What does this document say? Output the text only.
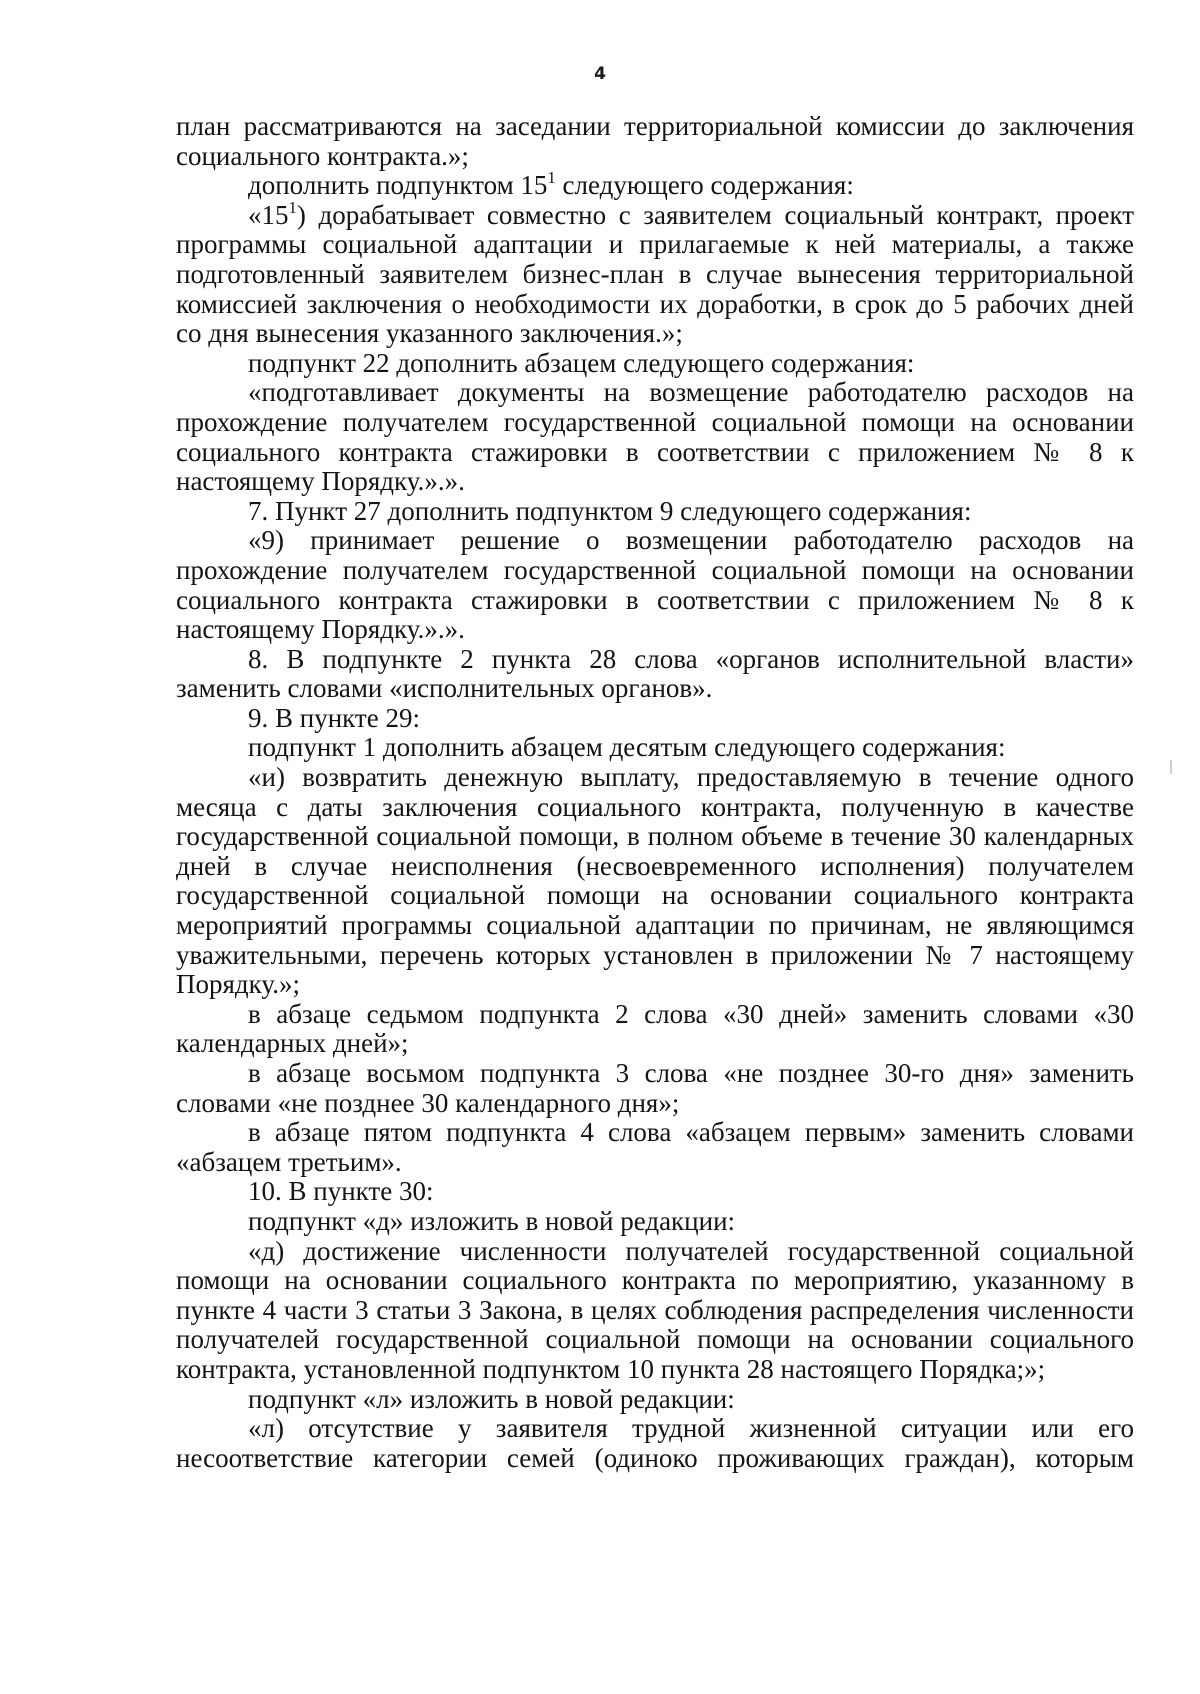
4

план рассматриваются на заседании территориальной комиссии до заключения социального контракта.»;

дополнить подпунктом $15^1$ следующего содержания:

«$15^1$) дорабатывает совместно с заявителем социальный контракт, проект программы социальной адаптации и прилагаемые к ней материалы, а также подготовленный заявителем бизнес-план в случае вынесения территориальной комиссией заключения о необходимости их доработки, в срок до 5 рабочих дней со дня вынесения указанного заключения.»;

подпункт 22 дополнить абзацем следующего содержания:

«подготавливает документы на возмещение работодателю расходов на прохождение получателем государственной социальной помощи на основании социального контракта стажировки в соответствии с приложением № 8 к настоящему Порядку.».».

7. Пункт 27 дополнить подпунктом 9 следующего содержания:

«9) принимает решение о возмещении работодателю расходов на прохождение получателем государственной социальной помощи на основании социального контракта стажировки в соответствии с приложением № 8 к настоящему Порядку.».».

8. В подпункте 2 пункта 28 слова «органов исполнительной власти» заменить словами «исполнительных органов».

9. В пункте 29:

подпункт 1 дополнить абзацем десятым следующего содержания:

«и) возвратить денежную выплату, предоставляемую в течение одного месяца с даты заключения социального контракта, полученную в качестве государственной социальной помощи, в полном объеме в течение 30 календарных дней в случае неисполнения (несвоевременного исполнения) получателем государственной социальной помощи на основании социального контракта мероприятий программы социальной адаптации по причинам, не являющимся уважительными, перечень которых установлен в приложении № 7 настоящему Порядку.»;

в абзаце седьмом подпункта 2 слова «30 дней» заменить словами «30 календарных дней»;

в абзаце восьмом подпункта 3 слова «не позднее 30-го дня» заменить словами «не позднее 30 календарного дня»;

в абзаце пятом подпункта 4 слова «абзацем первым» заменить словами «абзацем третьим».

10. В пункте 30:

подпункт «д» изложить в новой редакции:

«д) достижение численности получателей государственной социальной помощи на основании социального контракта по мероприятию, указанному в пункте 4 части 3 статьи 3 Закона, в целях соблюдения распределения численности получателей государственной социальной помощи на основании социального контракта, установленной подпунктом 10 пункта 28 настоящего Порядка;»;

подпункт «л» изложить в новой редакции:

«л) отсутствие у заявителя трудной жизненной ситуации или его несоответствие категории семей (одиноко проживающих граждан), которым
